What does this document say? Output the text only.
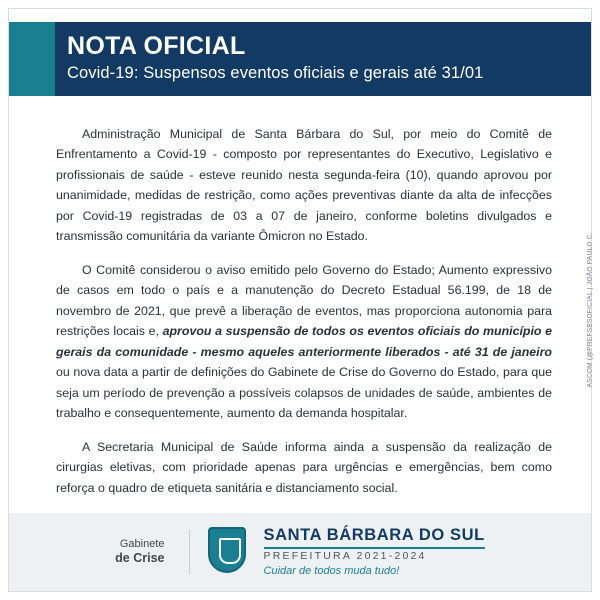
NOTA OFICIAL
Covid-19: Suspensos eventos oficiais e gerais até 31/01

Administração Municipal de Santa Bárbara do Sul, por meio do Comitê de Enfrentamento a Covid-19 - composto por representantes do Executivo, Legislativo e profissionais de saúde - esteve reunido nesta segunda-feira (10), quando aprovou por unanimidade, medidas de restrição, como ações preventivas diante da alta de infecções por Covid-19 registradas de 03 a 07 de janeiro, conforme boletins divulgados e transmissão comunitária da variante Ômicron no Estado.

O Comitê considerou o aviso emitido pelo Governo do Estado; Aumento expressivo de casos em todo o país e a manutenção do Decreto Estadual 56.199, de 18 de novembro de 2021, que prevê a liberação de eventos, mas proporciona autonomia para restrições locais e, aprovou a suspensão de todos os eventos oficiais do município e gerais da comunidade - mesmo aqueles anteriormente liberados - até 31 de janeiro ou nova data a partir de definições do Gabinete de Crise do Governo do Estado, para que seja um período de prevenção a possíveis colapsos de unidades de saúde, ambientes de trabalho e consequentemente, aumento da demanda hospitalar.

A Secretaria Municipal de Saúde informa ainda a suspensão da realização de cirurgias eletivas, com prioridade apenas para urgências e emergências, bem como reforça o quadro de etiqueta sanitária e distanciamento social.

ASCOM (@PREFSBSOFICIAL | JOÃO PAULO C.
Gabinete
de Crise
SANTA BÁRBARA DO SUL
PREFEITURA 2021-2024
Cuidar de todos muda tudo!
